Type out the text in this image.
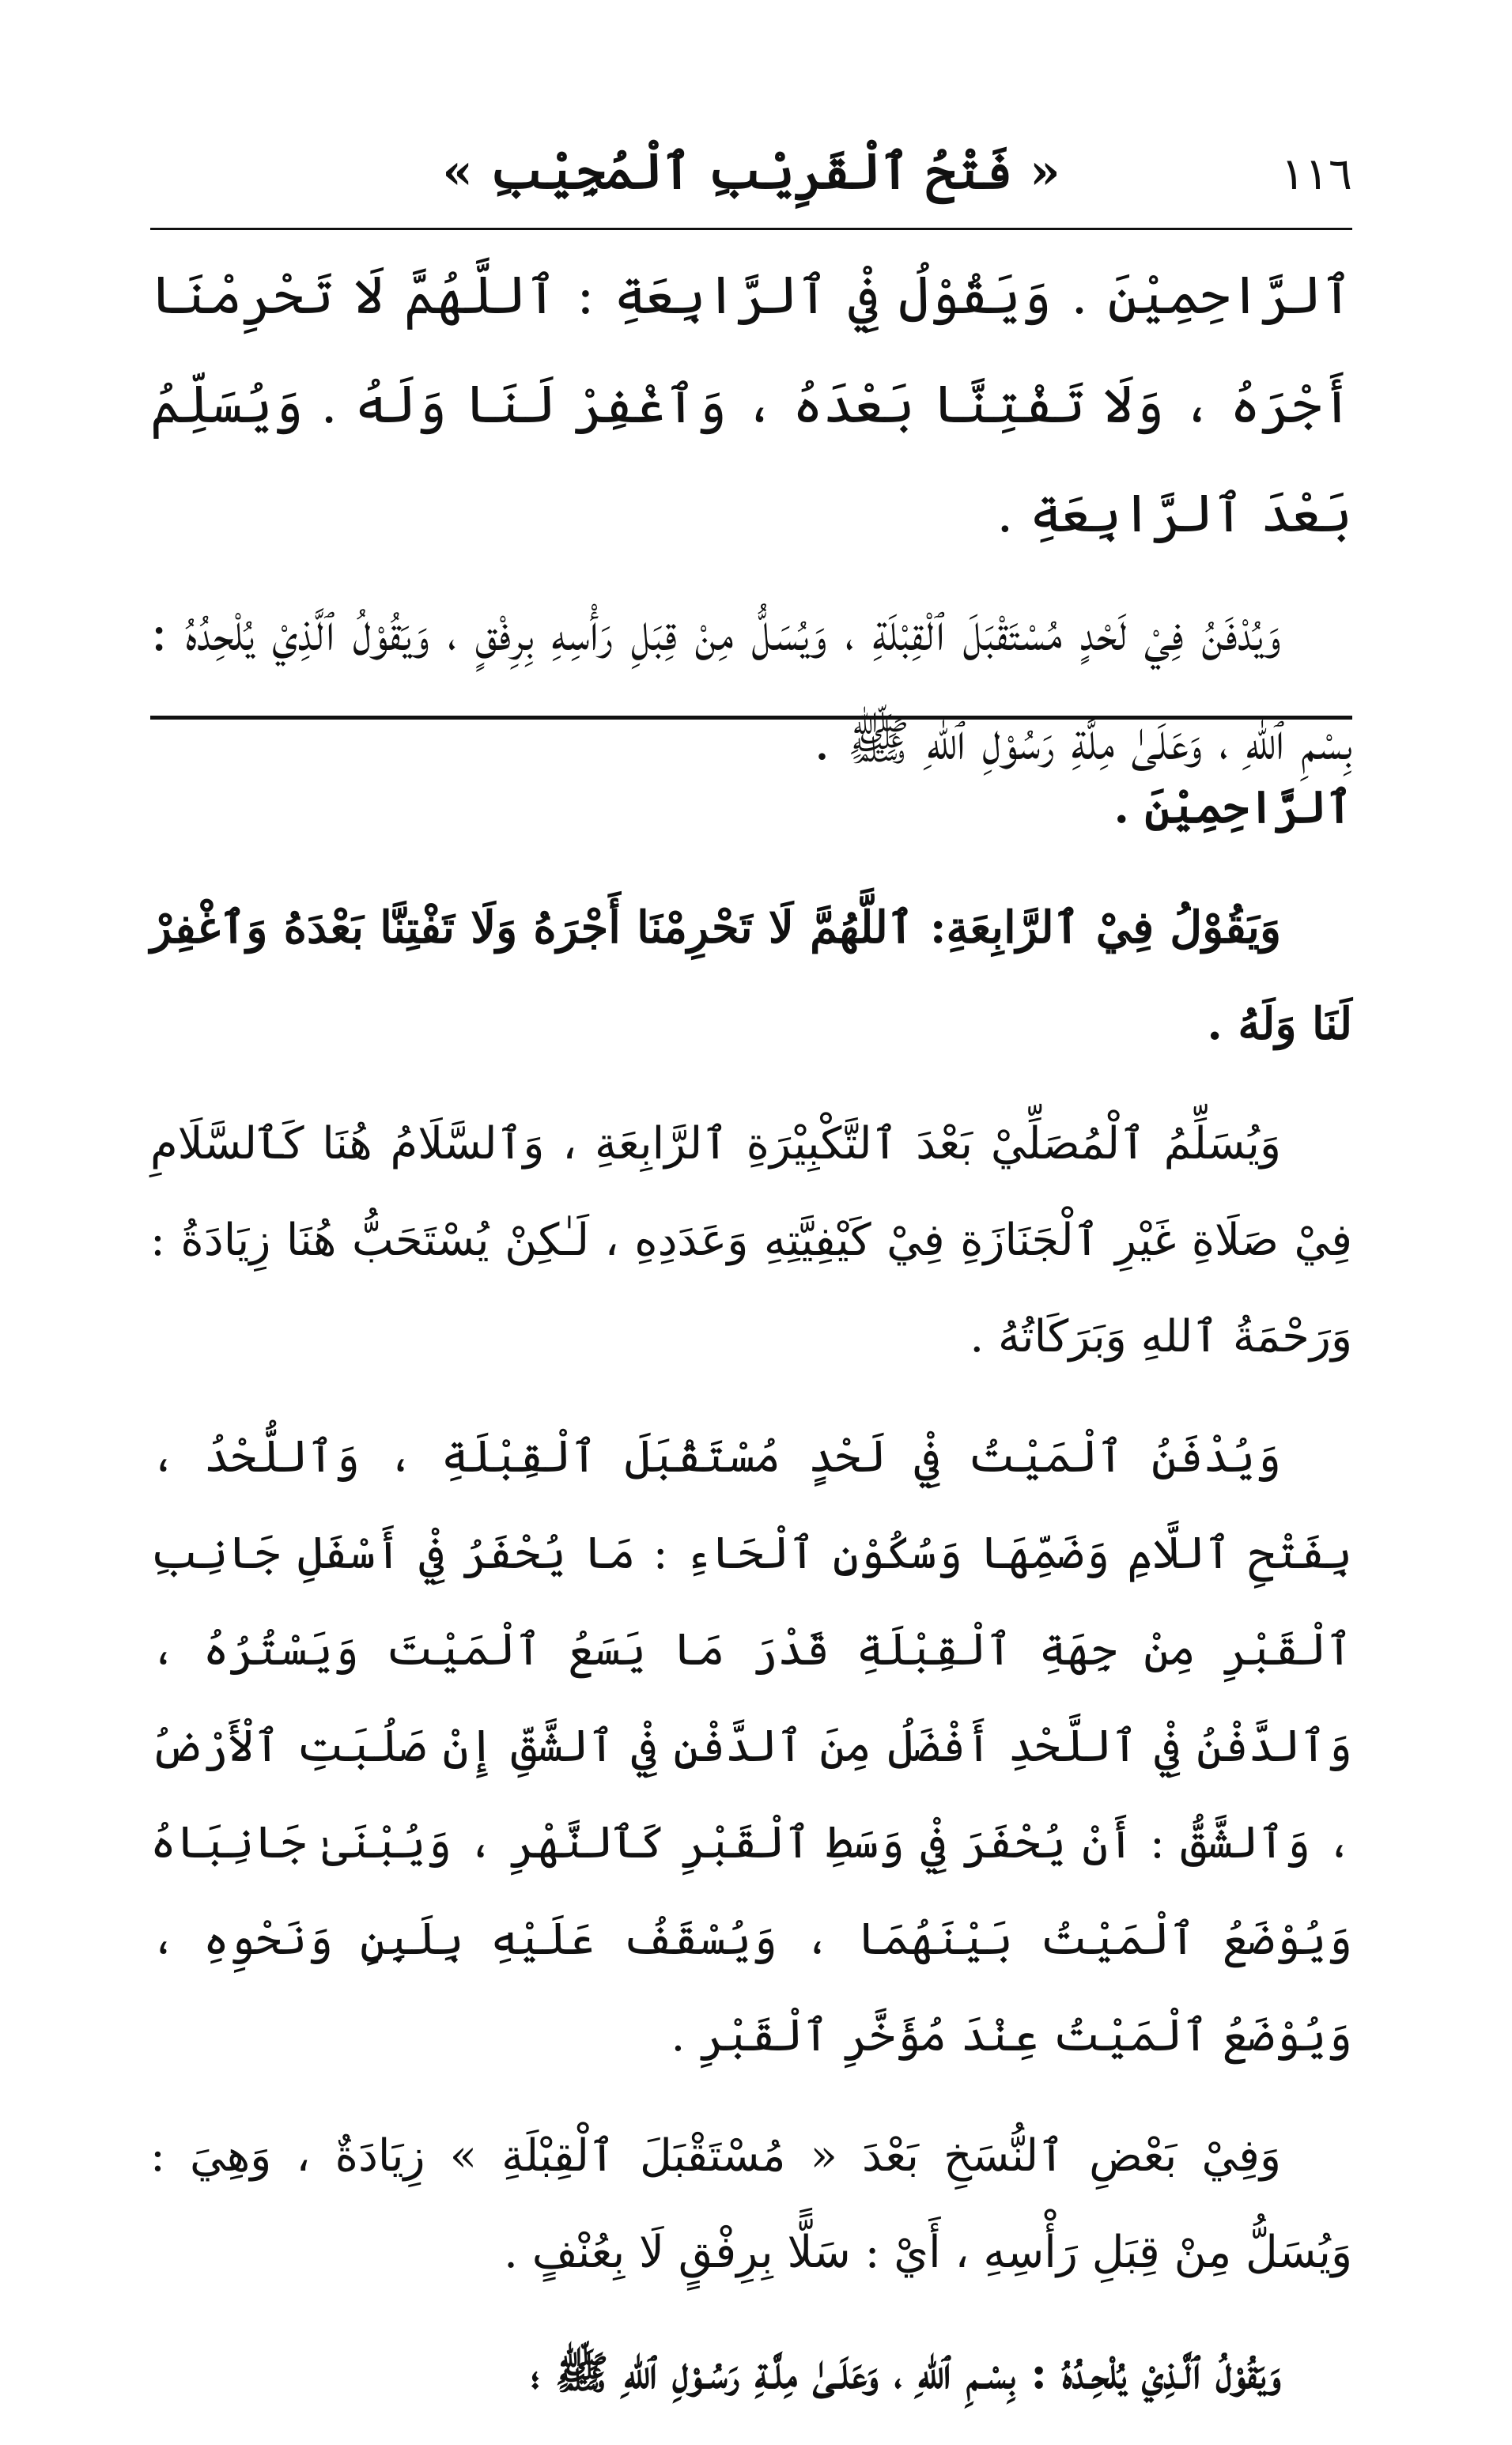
١١٦
« فَتْحُ ٱلْقَرِيْبِ ٱلْمُجِيْبِ »

ٱلرَّاحِمِيْنَ . وَيَقُوْلُ فِيْ ٱلرَّابِعَةِ : ٱللَّهُمَّ لَا تَحْرِمْنَا أَجْرَهُ ، وَلَا تَفْتِنَّا بَعْدَهُ ، وَٱغْفِرْ لَنَا وَلَهُ . وَيُسَلِّمُ بَعْدَ ٱلرَّابِعَةِ .

وَيُدْفَنُ فِيْ لَحْدٍ مُسْتَقْبَلَ ٱلْقِبْلَةِ ، وَيُسَلُّ مِنْ قِبَلِ رَأْسِهِ بِرِفْقٍ ، وَيَقُوْلُ ٱلَّذِيْ يُلْحِدُهُ : بِسْمِ ٱللهِ ، وَعَلَىٰ مِلَّةِ رَسُوْلِ ٱللهِ ﷺ .

ٱلرَّاحِمِيْنَ .

وَيَقُوْلُ فِيْ ٱلرَّابِعَةِ: ٱللَّهُمَّ لَا تَحْرِمْنَا أَجْرَهُ وَلَا تَفْتِنَّا بَعْدَهُ وَٱغْفِرْ لَنَا وَلَهُ .

وَيُسَلِّمُ ٱلْمُصَلِّيْ بَعْدَ ٱلتَّكْبِيْرَةِ ٱلرَّابِعَةِ ، وَٱلسَّلَامُ هُنَا كَٱلسَّلَامِ فِيْ صَلَاةِ غَيْرِ ٱلْجَنَازَةِ فِيْ كَيْفِيَّتِهِ وَعَدَدِهِ ، لَـٰكِنْ يُسْتَحَبُّ هُنَا زِيَادَةُ : وَرَحْمَةُ ٱللهِ وَبَرَكَاتُهُ .

وَيُدْفَنُ ٱلْمَيْتُ فِيْ لَحْدٍ مُسْتَقْبَلَ ٱلْقِبْلَةِ ، وَٱللُّحْدُ ، بِفَتْحِ ٱللَّامِ وَضَمِّهَا وَسُكُوْنِ ٱلْحَاءِ : مَا يُحْفَرُ فِيْ أَسْفَلِ جَانِبِ ٱلْقَبْرِ مِنْ جِهَةِ ٱلْقِبْلَةِ قَدْرَ مَا يَسَعُ ٱلْمَيْتَ وَيَسْتُرُهُ ، وَٱلدَّفْنُ فِيْ ٱللَّحْدِ أَفْضَلُ مِنَ ٱلدَّفْنِ فِيْ ٱلشَّقِّ إِنْ صَلُبَتِ ٱلْأَرْضُ ، وَٱلشَّقُّ : أَنْ يُحْفَرَ فِيْ وَسَطِ ٱلْقَبْرِ كَٱلنَّهْرِ ، وَيُبْنَىٰ جَانِبَاهُ وَيُوْضَعُ ٱلْمَيْتُ بَيْنَهُمَا ، وَيُسْقَفُ عَلَيْهِ بِلَبِنٍ وَنَحْوِهِ ، وَيُوْضَعُ ٱلْمَيْتُ عِنْدَ مُؤَخَّرِ ٱلْقَبْرِ .

وَفِيْ بَعْضِ ٱلنُّسَخِ بَعْدَ « مُسْتَقْبَلَ ٱلْقِبْلَةِ » زِيَادَةٌ ، وَهِيَ : وَيُسَلُّ مِنْ قِبَلِ رَأْسِهِ ، أَيْ : سَلًّا بِرِفْقٍ لَا بِعُنْفٍ .

وَيَقُوْلُ ٱلَّـذِيْ يُلْحِـدُهُ : بِسْـمِ ٱللهِ ، وَعَلَـىٰ مِلَّـةِ رَسُـوْلِ ٱللهِ ﷺ ؛
